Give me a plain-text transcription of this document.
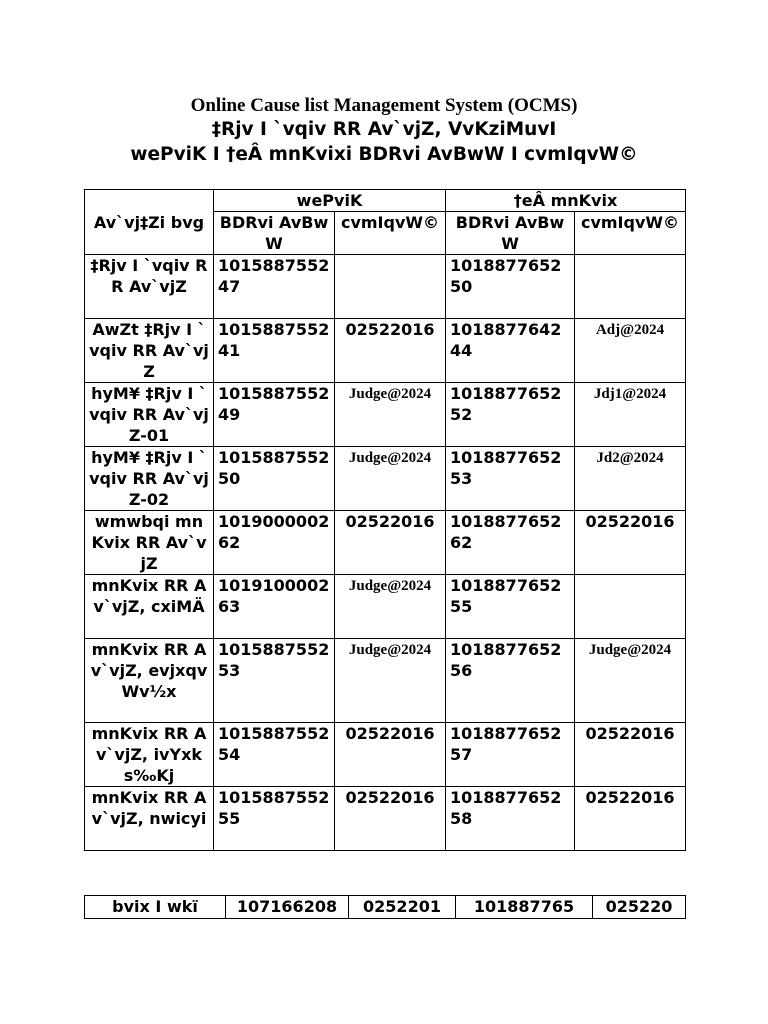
Online Cause list Management System (OCMS)
‡Rjv I `vqiv RR Av`vjZ, VvKziMuvI
wePviK I †eÂ mnKvixi BDRvi AvBwW I cvmIqvW©
Av`vj‡Zi bvg	wePviK		†eÂ mnKvix	
	BDRvi AvBwW	cvmIqvW©	BDRvi AvBwW	cvmIqvW©
‡Rjv I `vqiv RR Av`vjZ	101588755247		101887765250	
AwZt ‡Rjv I `vqiv RR Av`vjZ	101588755241	02522016	101887764244	Adj@2024
hyM¥ ‡Rjv I `vqiv RR Av`vjZ-01	101588755249	Judge@2024	101887765252	Jdj1@2024
hyM¥ ‡Rjv I `vqiv RR Av`vjZ-02	101588755250	Judge@2024	101887765253	Jd2@2024
wmwbqi mnKvix RR Av`vjZ	101900000262	02522016	101887765262	02522016
mnKvix RR Av`vjZ, cxiMÄ	101910000263	Judge@2024	101887765255	
mnKvix RR Av`vjZ, evjxqvWv½x	101588755253	Judge@2024	101887765256	Judge@2024
mnKvix RR Av`vjZ, ivYxks‰Kj	101588755254	02522016	101887765257	02522016
mnKvix RR Av`vjZ, nwicyi	101588755255	02522016	101887765258	02522016
bvix I wkï	107166208	0252201	101887765	025220
